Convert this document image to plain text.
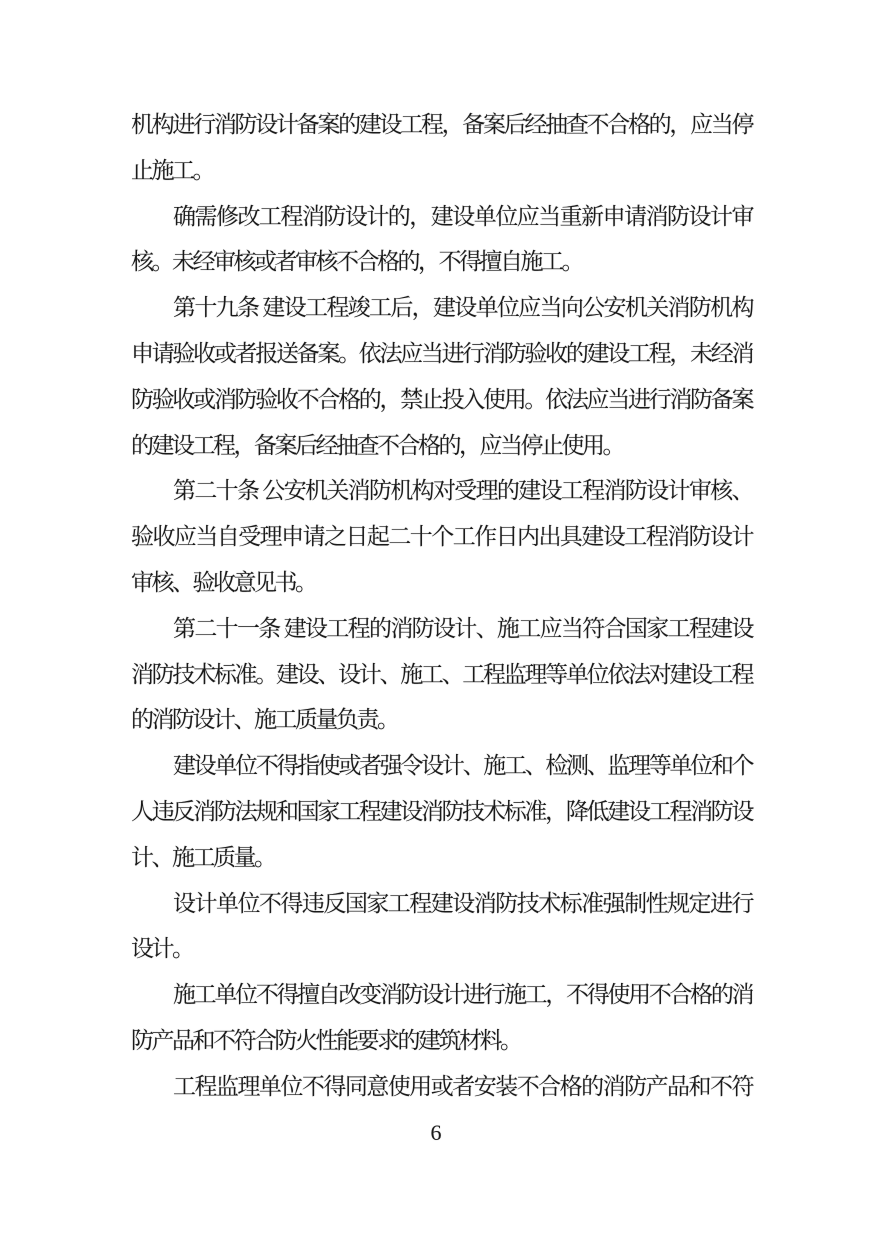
机构进行消防设计备案的建设工程，备案后经抽查不合格的，应当停
止施工。
确需修改工程消防设计的，建设单位应当重新申请消防设计审
核。未经审核或者审核不合格的，不得擅自施工。
第十九条 建设工程竣工后，建设单位应当向公安机关消防机构
申请验收或者报送备案。依法应当进行消防验收的建设工程，未经消
防验收或消防验收不合格的，禁止投入使用。依法应当进行消防备案
的建设工程，备案后经抽查不合格的，应当停止使用。
第二十条 公安机关消防机构对受理的建设工程消防设计审核、
验收应当自受理申请之日起二十个工作日内出具建设工程消防设计
审核、验收意见书。
第二十一条 建设工程的消防设计、施工应当符合国家工程建设
消防技术标准。建设、设计、施工、工程监理等单位依法对建设工程
的消防设计、施工质量负责。
建设单位不得指使或者强令设计、施工、检测、监理等单位和个
人违反消防法规和国家工程建设消防技术标准，降低建设工程消防设
计、施工质量。
设计单位不得违反国家工程建设消防技术标准强制性规定进行
设计。
施工单位不得擅自改变消防设计进行施工，不得使用不合格的消
防产品和不符合防火性能要求的建筑材料。
工程监理单位不得同意使用或者安装不合格的消防产品和不符
6
